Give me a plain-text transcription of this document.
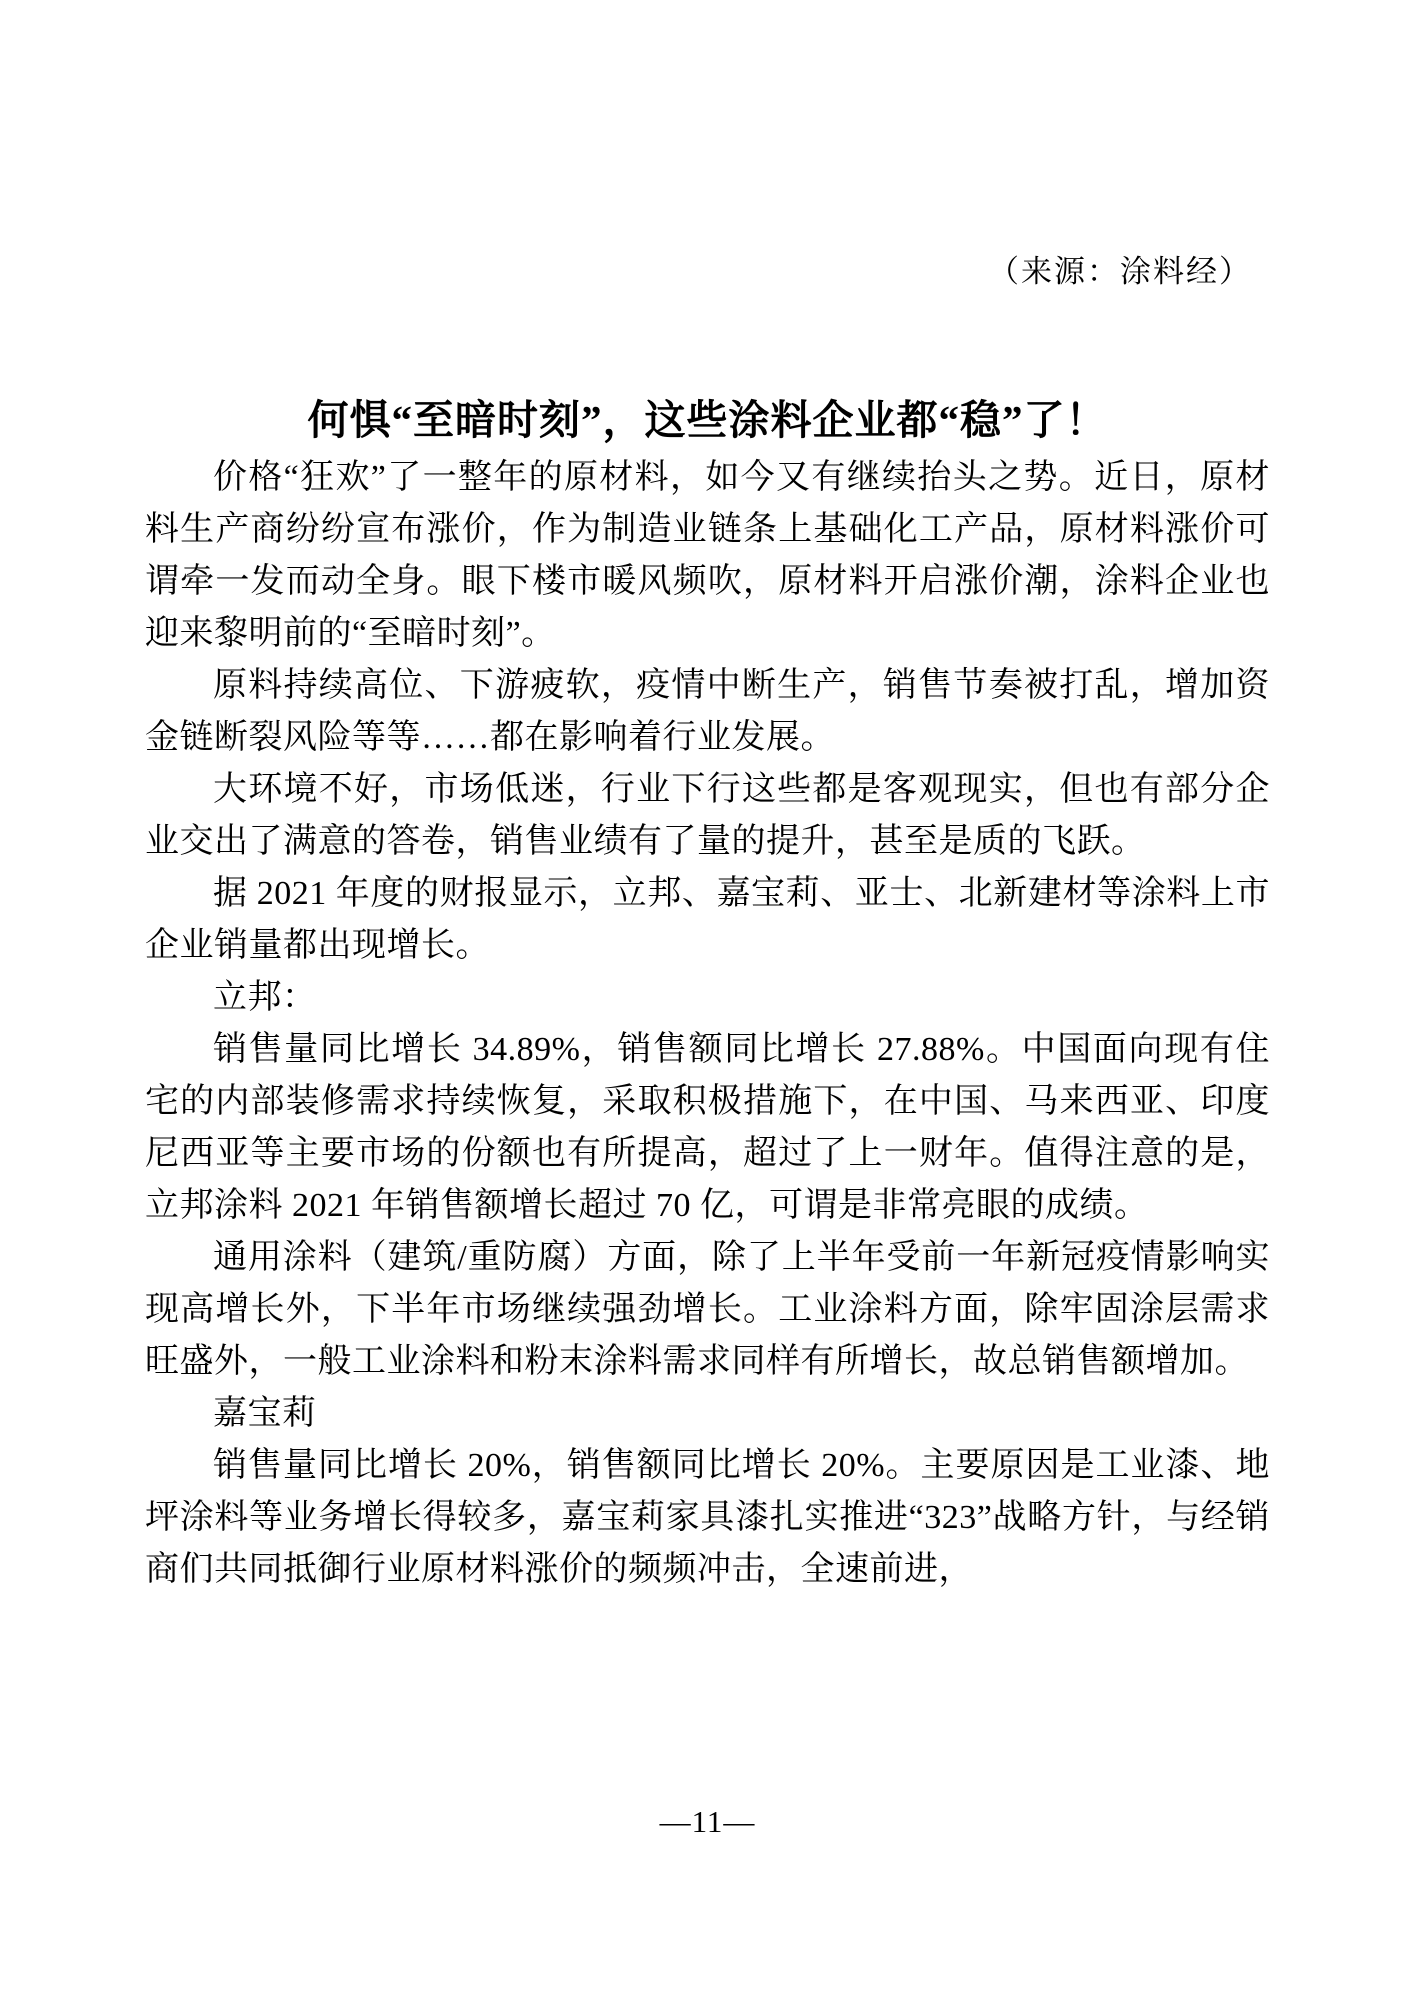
（来源：涂料经）
何惧“至暗时刻”，这些涂料企业都“稳”了！

价格“狂欢”了一整年的原材料，如今又有继续抬头之势。近日，原材料生产商纷纷宣布涨价，作为制造业链条上基础化工产品，原材料涨价可谓牵一发而动全身。眼下楼市暖风频吹，原材料开启涨价潮，涂料企业也迎来黎明前的“至暗时刻”。

原料持续高位、下游疲软，疫情中断生产，销售节奏被打乱，增加资金链断裂风险等等……都在影响着行业发展。

大环境不好，市场低迷，行业下行这些都是客观现实，但也有部分企业交出了满意的答卷，销售业绩有了量的提升，甚至是质的飞跃。

据 2021 年度的财报显示，立邦、嘉宝莉、亚士、北新建材等涂料上市企业销量都出现增长。

立邦：

销售量同比增长 34.89%，销售额同比增长 27.88%。中国面向现有住宅的内部装修需求持续恢复，采取积极措施下，在中国、马来西亚、印度尼西亚等主要市场的份额也有所提高，超过了上一财年。值得注意的是，立邦涂料 2021 年销售额增长超过 70 亿，可谓是非常亮眼的成绩。

通用涂料（建筑/重防腐）方面，除了上半年受前一年新冠疫情影响实现高增长外，下半年市场继续强劲增长。工业涂料方面，除牢固涂层需求旺盛外，一般工业涂料和粉末涂料需求同样有所增长，故总销售额增加。

嘉宝莉

销售量同比增长 20%，销售额同比增长 20%。主要原因是工业漆、地坪涂料等业务增长得较多，嘉宝莉家具漆扎实推进“323”战略方针，与经销商们共同抵御行业原材料涨价的频频冲击，全速前进，

—11—
